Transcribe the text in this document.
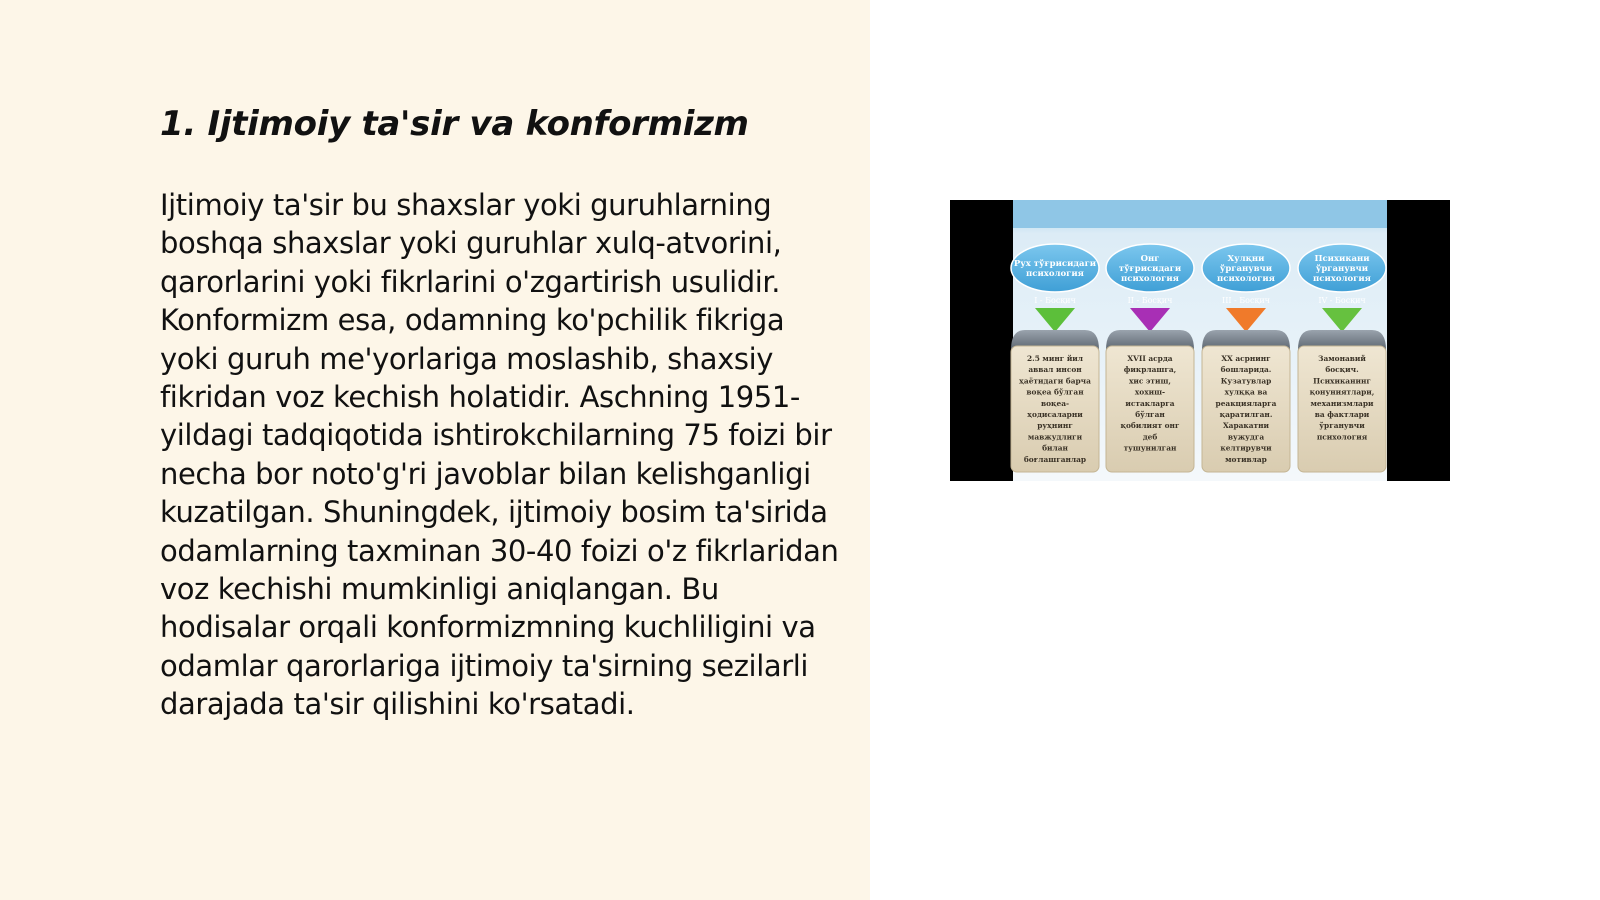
1. Ijtimoiy ta'sir va konformizm

Ijtimoiy ta'sir bu shaxslar yoki guruhlarning boshqa shaxslar yoki guruhlar xulq-atvorini, qarorlarini yoki fikrlarini o'zgartirish usulidir. Konformizm esa, odamning ko'pchilik fikriga yoki guruh me'yorlariga moslashib, shaxsiy fikridan voz kechish holatidir. Aschning 1951-yildagi tadqiqotida ishtirokchilarning 75 foizi bir necha bor noto'g'ri javoblar bilan kelishganligi kuzatilgan. Shuningdek, ijtimoiy bosim ta'sirida odamlarning taxminan 30-40 foizi o'z fikrlaridan voz kechishi mumkinligi aniqlangan. Bu hodisalar orqali konformizmning kuchliligini va odamlar qarorlariga ijtimoiy ta'sirning sezilarli darajada ta'sir qilishini ko'rsatadi.

Рух тўғрисидаги
психология
I - Босқич
2.5 минг йил
аввал инсон
ҳаётидаги барча
воқеа бўлган
воқеа-
ҳодисаларни
руҳнинг
мавжудлиги
билан
боғлашганлар
Онг
тўғрисидаги
психология
II - Босқич
XVII асрда
фикрлашга,
хис этиш,
хохиш-
истакларга
бўлган
қобилият онг
деб
тушунилган
Хулқни
ўрганувчи
психология
III - Босқич
XX асрнинг
бошларида.
Кузатувлар
хулққа ва
реакцияларга
қаратилган.
Харакатни
вужудга
келтирувчи
мотивлар
Психикани
ўрганувчи
психология
IV - Босқич
Замонавий
босқич.
Психиканинг
қонуниятлари,
механизмлари
ва фактлари
ўрганувчи
психология
